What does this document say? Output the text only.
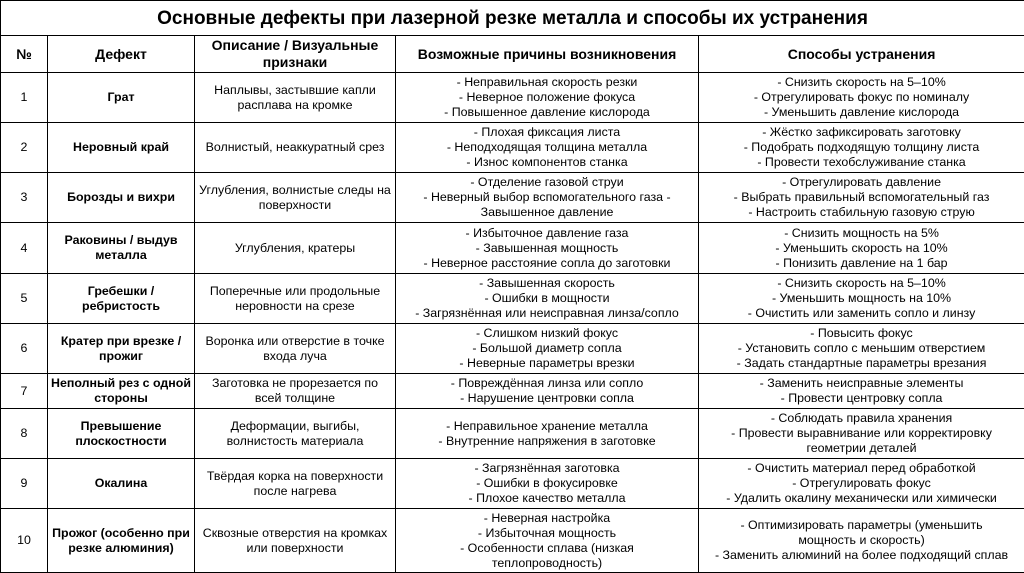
Основные дефекты при лазерной резке металла и способы их устранения				
№	Дефект	Описание / Визуальные признаки	Возможные причины возникновения	Способы устранения
1	Грат	Наплывы, застывшие капли расплава на кромке	- Неправильная скорость резки
- Неверное положение фокуса
- Повышенное давление кислорода	- Снизить скорость на 5–10%
- Отрегулировать фокус по номиналу
- Уменьшить давление кислорода

2	Неровный край	Волнистый, неаккуратный срез	- Плохая фиксация листа
- Неподходящая толщина металла
- Износ компонентов станка	- Жёстко зафиксировать заготовку
- Подобрать подходящую толщину листа
- Провести техобслуживание станка

3	Борозды и вихри	Углубления, волнистые следы на поверхности	- Отделение газовой струи
- Неверный выбор вспомогательного газа -
Завышенное давление	- Отрегулировать давление
- Выбрать правильный вспомогательный газ
- Настроить стабильную газовую струю

4	Раковины / выдув металла	Углубления, кратеры	- Избыточное давление газа
- Завышенная мощность
- Неверное расстояние сопла до заготовки	- Снизить мощность на 5%
- Уменьшить скорость на 10%
- Понизить давление на 1 бар

5	Гребешки / ребристость	Поперечные или продольные неровности на срезе	- Завышенная скорость
- Ошибки в мощности
- Загрязнённая или неисправная линза/сопло	- Снизить скорость на 5–10%
- Уменьшить мощность на 10%
- Очистить или заменить сопло и линзу

6	Кратер при врезке / прожиг	Воронка или отверстие в точке входа луча	- Слишком низкий фокус
- Большой диаметр сопла
- Неверные параметры врезки	- Повысить фокус
- Установить сопло с меньшим отверстием
- Задать стандартные параметры врезания

7	Неполный рез с одной стороны	Заготовка не прорезается по всей толщине	- Повреждённая линза или сопло
- Нарушение центровки сопла	- Заменить неисправные элементы
- Провести центровку сопла

8	Превышение плоскостности	Деформации, выгибы, волнистость материала	- Неправильное хранение металла
- Внутренние напряжения в заготовке	- Соблюдать правила хранения
- Провести выравнивание или корректировку
геометрии деталей

9	Окалина	Твёрдая корка на поверхности после нагрева	- Загрязнённая заготовка
- Ошибки в фокусировке
- Плохое качество металла	- Очистить материал перед обработкой
- Отрегулировать фокус
- Удалить окалину механически или химически

10	Прожог (особенно при резке алюминия)	Сквозные отверстия на кромках или поверхности	- Неверная настройка
- Избыточная мощность
- Особенности сплава (низкая
теплопроводность)	- Оптимизировать параметры (уменьшить
мощность и скорость)
- Заменить алюминий на более подходящий сплав
